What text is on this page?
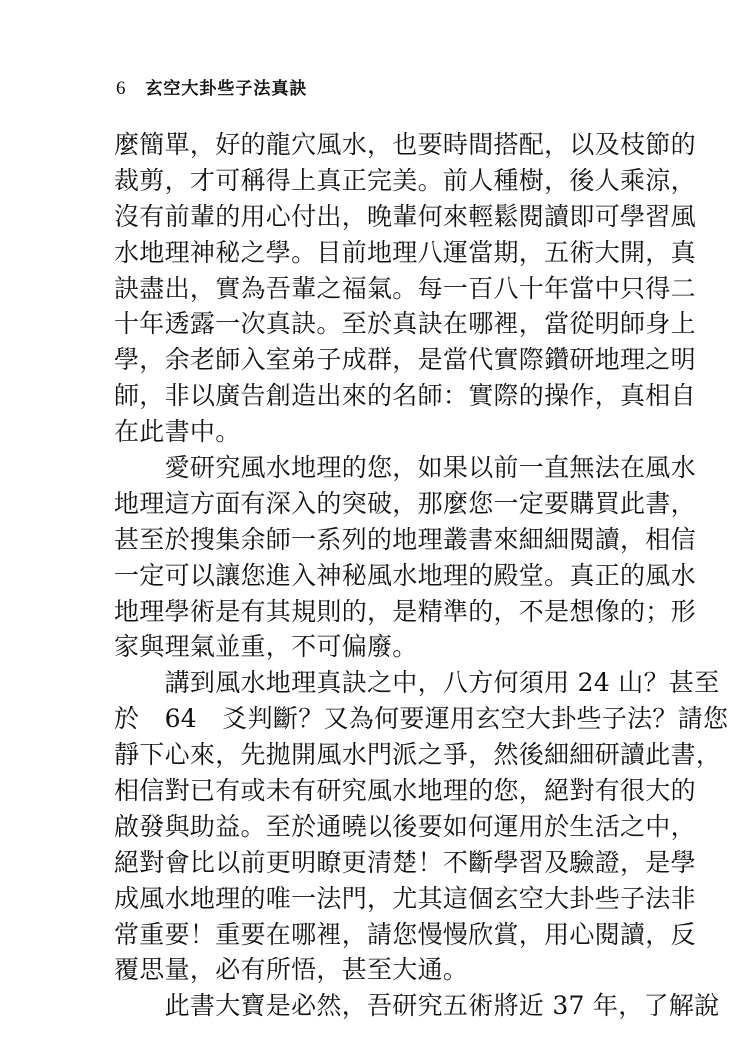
6 玄空大卦些子法真訣
麼簡單，好的龍穴風水，也要時間搭配，以及枝節的
裁剪，才可稱得上真正完美。前人種樹，後人乘涼，
沒有前輩的用心付出，晚輩何來輕鬆閱讀即可學習風
水地理神秘之學。目前地理八運當期，五術大開，真
訣盡出，實為吾輩之福氣。每一百八十年當中只得二
十年透露一次真訣。至於真訣在哪裡，當從明師身上
學，余老師入室弟子成群，是當代實際鑽研地理之明
師，非以廣告創造出來的名師：實際的操作，真相自
在此書中。
　　愛研究風水地理的您，如果以前一直無法在風水
地理這方面有深入的突破，那麼您一定要購買此書，
甚至於搜集余師一系列的地理叢書來細細閱讀，相信
一定可以讓您進入神秘風水地理的殿堂。真正的風水
地理學術是有其規則的，是精準的，不是想像的；形
家與理氣並重，不可偏廢。
　　講到風水地理真訣之中，八方何須用 24 山？甚至
於　64　爻判斷？又為何要運用玄空大卦些子法？請您
靜下心來，先拋開風水門派之爭，然後細細研讀此書，
相信對已有或未有研究風水地理的您，絕對有很大的
啟發與助益。至於通曉以後要如何運用於生活之中，
絕對會比以前更明瞭更清楚！不斷學習及驗證，是學
成風水地理的唯一法門，尤其這個玄空大卦些子法非
常重要！重要在哪裡，請您慢慢欣賞，用心閱讀，反
覆思量，必有所悟，甚至大通。
　　此書大寶是必然，吾研究五術將近 37 年，了解說
